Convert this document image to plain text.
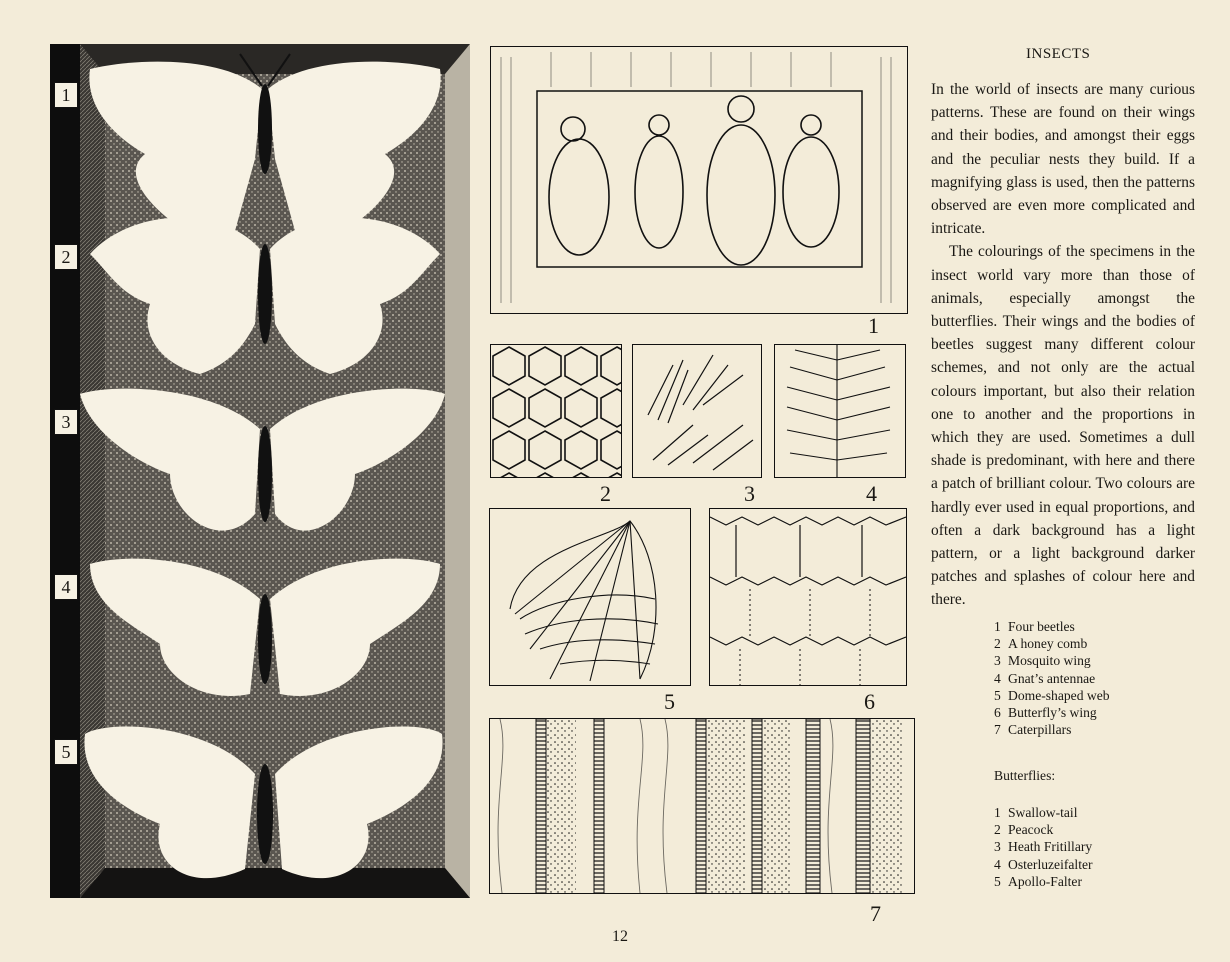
1
2
3
4
5
1
2	3	4
5	6
7
INSECTS

In the world of insects are many curious patterns. These are found on their wings and their bodies, and amongst their eggs and the peculiar nests they build. If a magnifying glass is used, then the patterns observed are even more complicated and intricate.

The colourings of the specimens in the insect world vary more than those of animals, especially amongst the butterflies. Their wings and the bodies of beetles suggest many different colour schemes, and not only are the actual colours important, but also their relation one to another and the proportions in which they are used. Sometimes a dull shade is predominant, with here and there a patch of brilliant colour. Two colours are hardly ever used in equal proportions, and often a dark background has a light pattern, or a light background darker patches and splashes of colour here and there.

1 Four beetles
2 A honey comb
3 Mosquito wing
4 Gnat’s antennae
5 Dome-shaped web
6 Butterfly’s wing
7 Caterpillars
Butterflies:
1 Swallow-tail
2 Peacock
3 Heath Fritillary
4 Osterluzeifalter
5 Apollo-Falter
12
